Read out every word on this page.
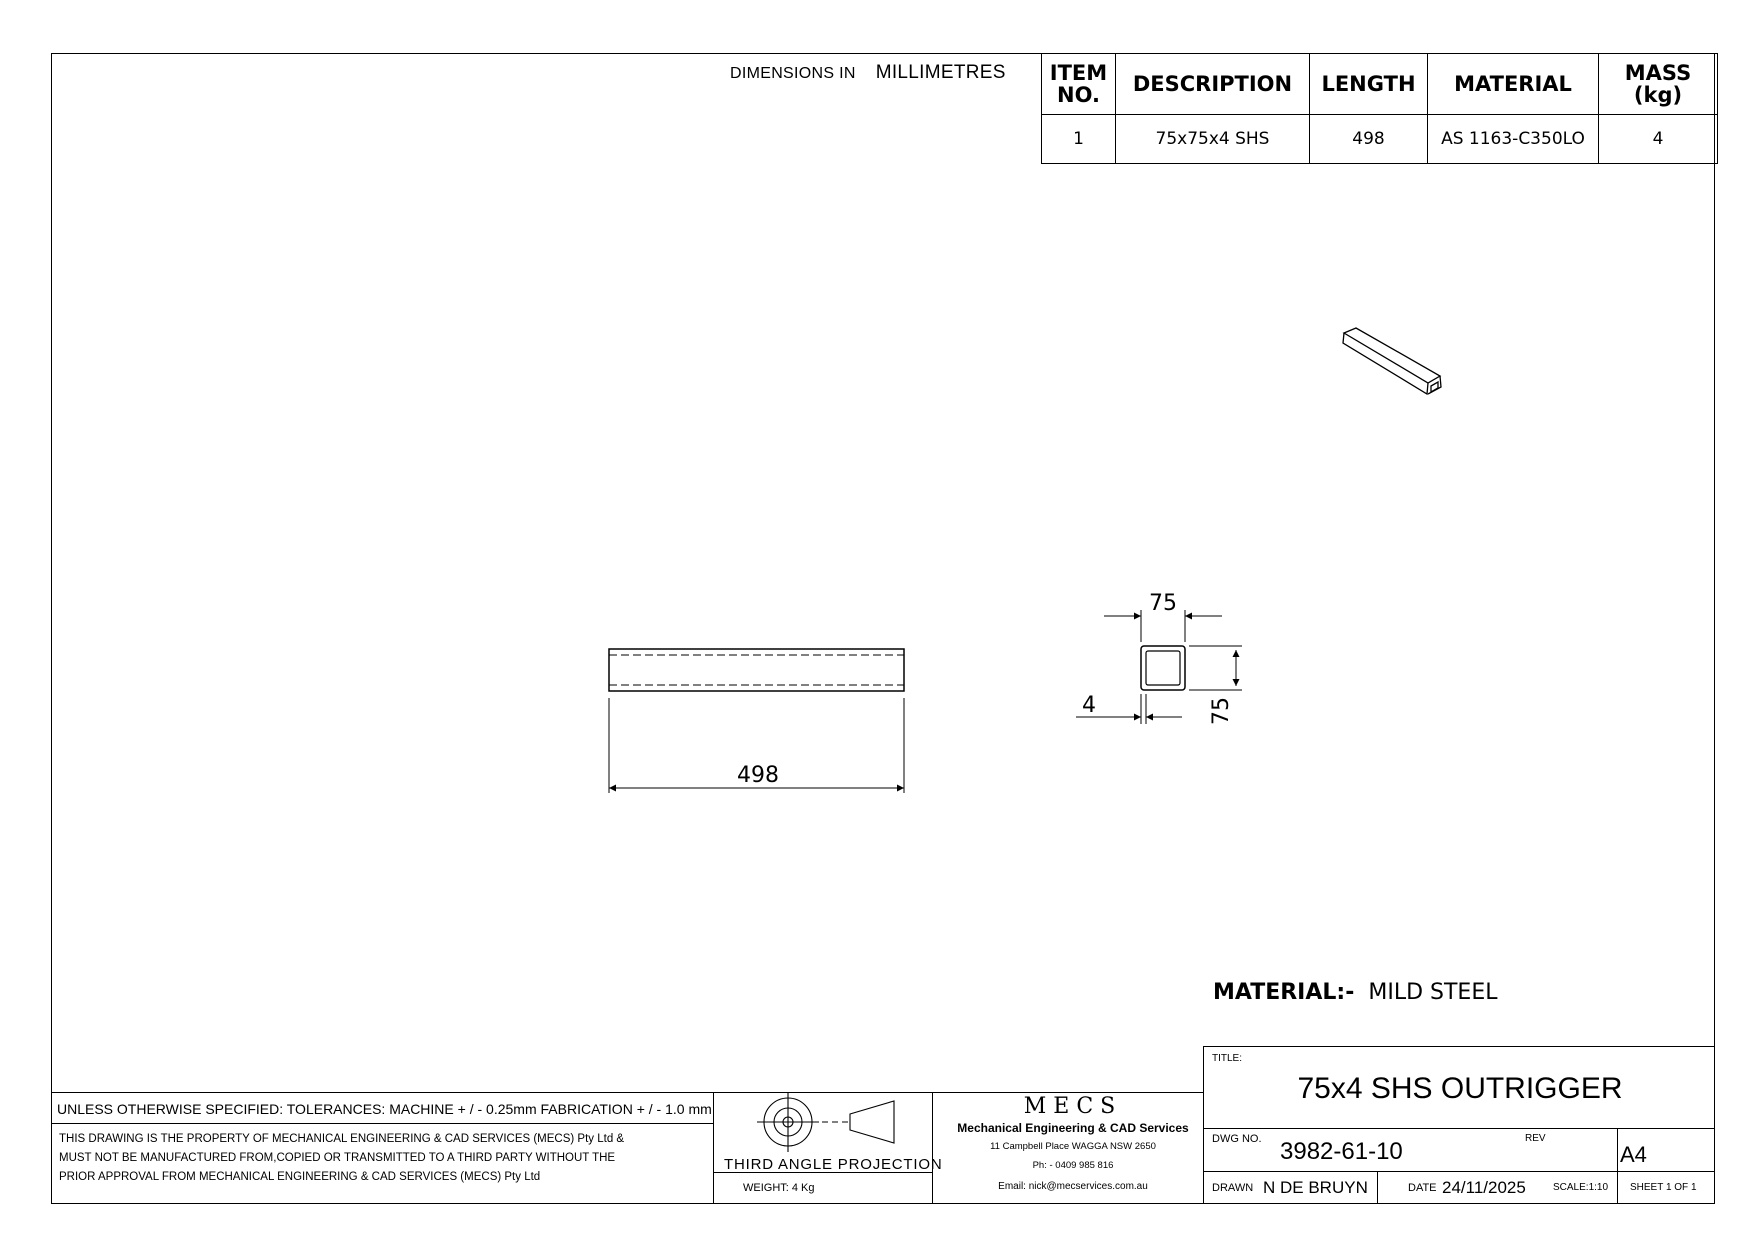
DIMENSIONS IN MILLIMETRES ITEM NO.	DESCRIPTION	LENGTH	MATERIAL	MASS (kg)
1	75x75x4 SHS	498	AS 1163-C350LO	4
498
75
75
4
MATERIAL:- MILD STEEL
UNLESS OTHERWISE SPECIFIED: TOLERANCES: MACHINE + / - 0.25mm FABRICATION + / - 1.0 mm
THIS DRAWING IS THE PROPERTY OF MECHANICAL ENGINEERING & CAD SERVICES (MECS) Pty Ltd &
MUST NOT BE MANUFACTURED FROM,COPIED OR TRANSMITTED TO A THIRD PARTY WITHOUT THE
PRIOR APPROVAL FROM MECHANICAL ENGINEERING & CAD SERVICES (MECS) Pty Ltd
THIRD ANGLE PROJECTION
WEIGHT: 4 Kg
MECS
Mechanical Engineering & CAD Services
11 Campbell Place WAGGA NSW 2650
Ph: - 0409 985 816
Email: nick@mecservices.com.au
TITLE:
75x4 SHS OUTRIGGER
DWG NO. 3982-61-10	REV
A4
DRAWN N DE BRUYN	DATE 24/11/2025	SCALE:1:10 SHEET 1 OF 1
